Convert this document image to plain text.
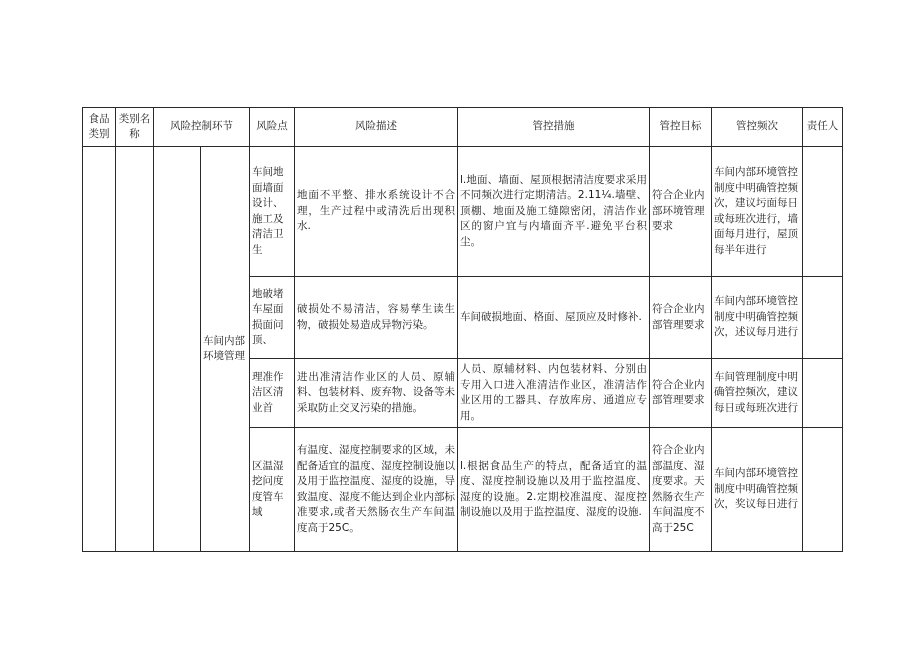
食品类别	类别名称	风险控制环节		风险点	风险描述	管控措施	管控目标	管控频次	责任人
			车间内部环境管理	车间地面墙面设计、施工及清洁卫生	地面不平整、排水系统设计不合理，生产过程中或清洗后出现积水.	l.地面、墙面、屋顶根据清洁度要求采用不同频次进行定期清洁。2.11¼.墙壁、顶棚、地面及施工缝隙密闭，清洁作业区的窗户宜与内墙面齐平.避免平台积尘。	符合企业内部环境管理要求	车间内部环境管控制度中明确管控频次，建议圬面每日或每班次进行，墙面每月进行，屋顶每半年进行	
				地破堵车屋面损面问顶、	破损处不易清洁，容易孳生读生物，破损处易造成异物污染。	车间破损地面、格面、屋顶应及时修补.	符合企业内部管理要求	车间内部环境管控制度中明确管控频次，述议每月进行	
				理准作洁区清业首	进出准清洁作业区的人员、原辅料、包装材料、废弃物、设备等未采取防止交叉污染的措施。	人员、原辅材料、内包装材料、分别由专用入口进入准清洁作业区，准清洁作业区用的工器具、存放库房、通道应专用。	符合企业内部管理要求	车间管理制度中明确管控频次，建议每日或每班次进行	
				区温湿挖问度度管车域	有温度、湿度控制要求的区域，未配备适宜的温度、湿度控制设施以及用于监控温度、湿度的设施，导致温度、湿度不能达到企业内部标准要求,或者天然肠衣生产车间温度高于25C。	l.根据食品生产的特点，配备适宜的温度、湿度控制设施以及用于监控温度、湿度的设施。2.定期校准温度、湿度控制设施以及用于监控温度、湿度的设施.	符合企业内部温度、湿度要求。天然肠衣生产车间温度不高于25C	车间内部环境管控制度中明确管控频次，奖议每日进行	
